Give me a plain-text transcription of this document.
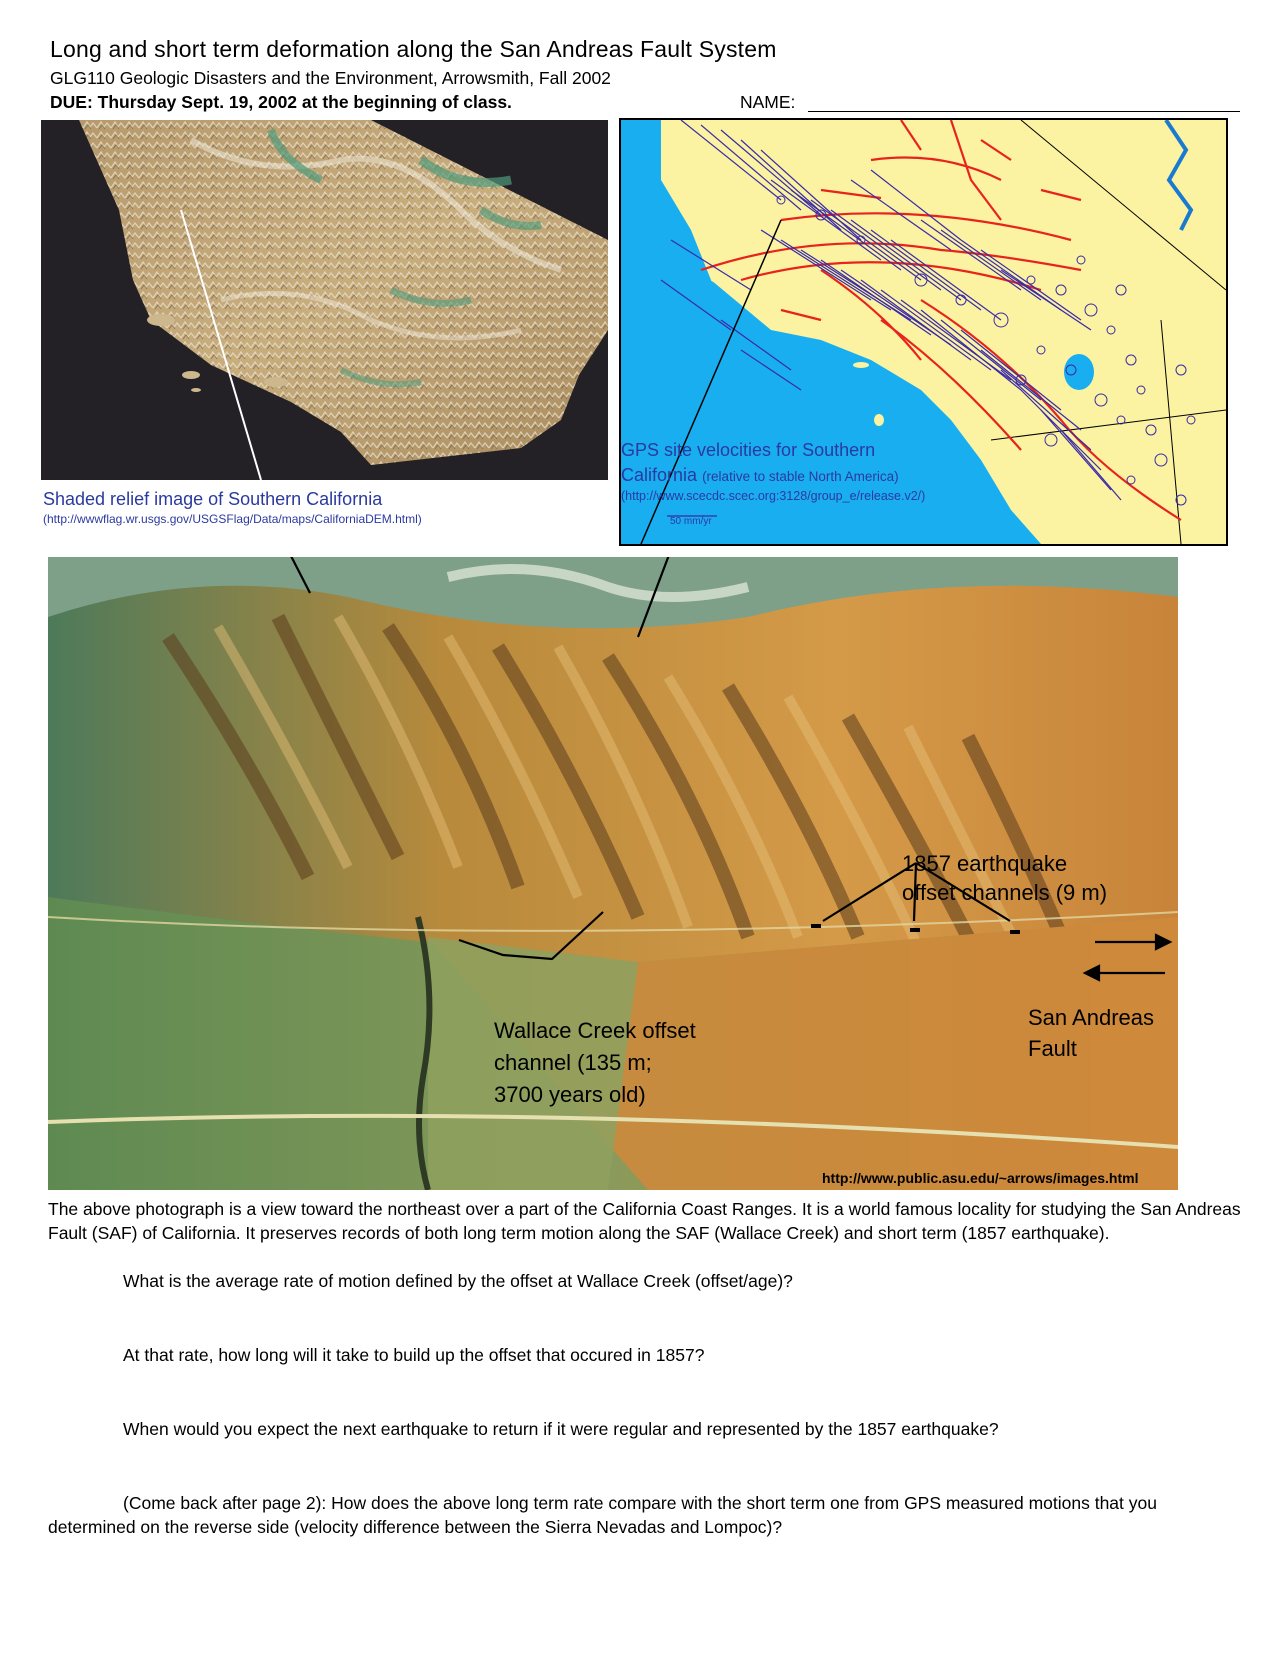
Long and short term deformation along the San Andreas Fault System
GLG110 Geologic Disasters and the Environment, Arrowsmith, Fall 2002
DUE: Thursday Sept. 19, 2002 at the beginning of class.	NAME:
Shaded relief image of Southern California
(http://wwwflag.wr.usgs.gov/USGSFlag/Data/maps/CaliforniaDEM.html)
GPS site velocities for Southern
California (relative to stable North America)
(http://www.scecdc.scec.org:3128/group_e/release.v2/)
50 mm/yr
1857 earthquake
offset channels (9 m)
Wallace Creek offset
channel (135 m;
3700 years old)
San Andreas
Fault
http://www.public.asu.edu/~arrows/images.html
The above photograph is a view toward the northeast over a part of the California Coast Ranges. It is a world famous locality for studying the San Andreas Fault (SAF) of California. It preserves records of both long term motion along the SAF (Wallace Creek) and short term (1857 earthquake).
What is the average rate of motion defined by the offset at Wallace Creek (offset/age)?
At that rate, how long will it take to build up the offset that occured in 1857?
When would you expect the next earthquake to return if it were regular and represented by the 1857 earthquake?
(Come back after page 2): How does the above long term rate compare with the short term one from GPS measured motions that you determined on the reverse side (velocity difference between the Sierra Nevadas and Lompoc)?
